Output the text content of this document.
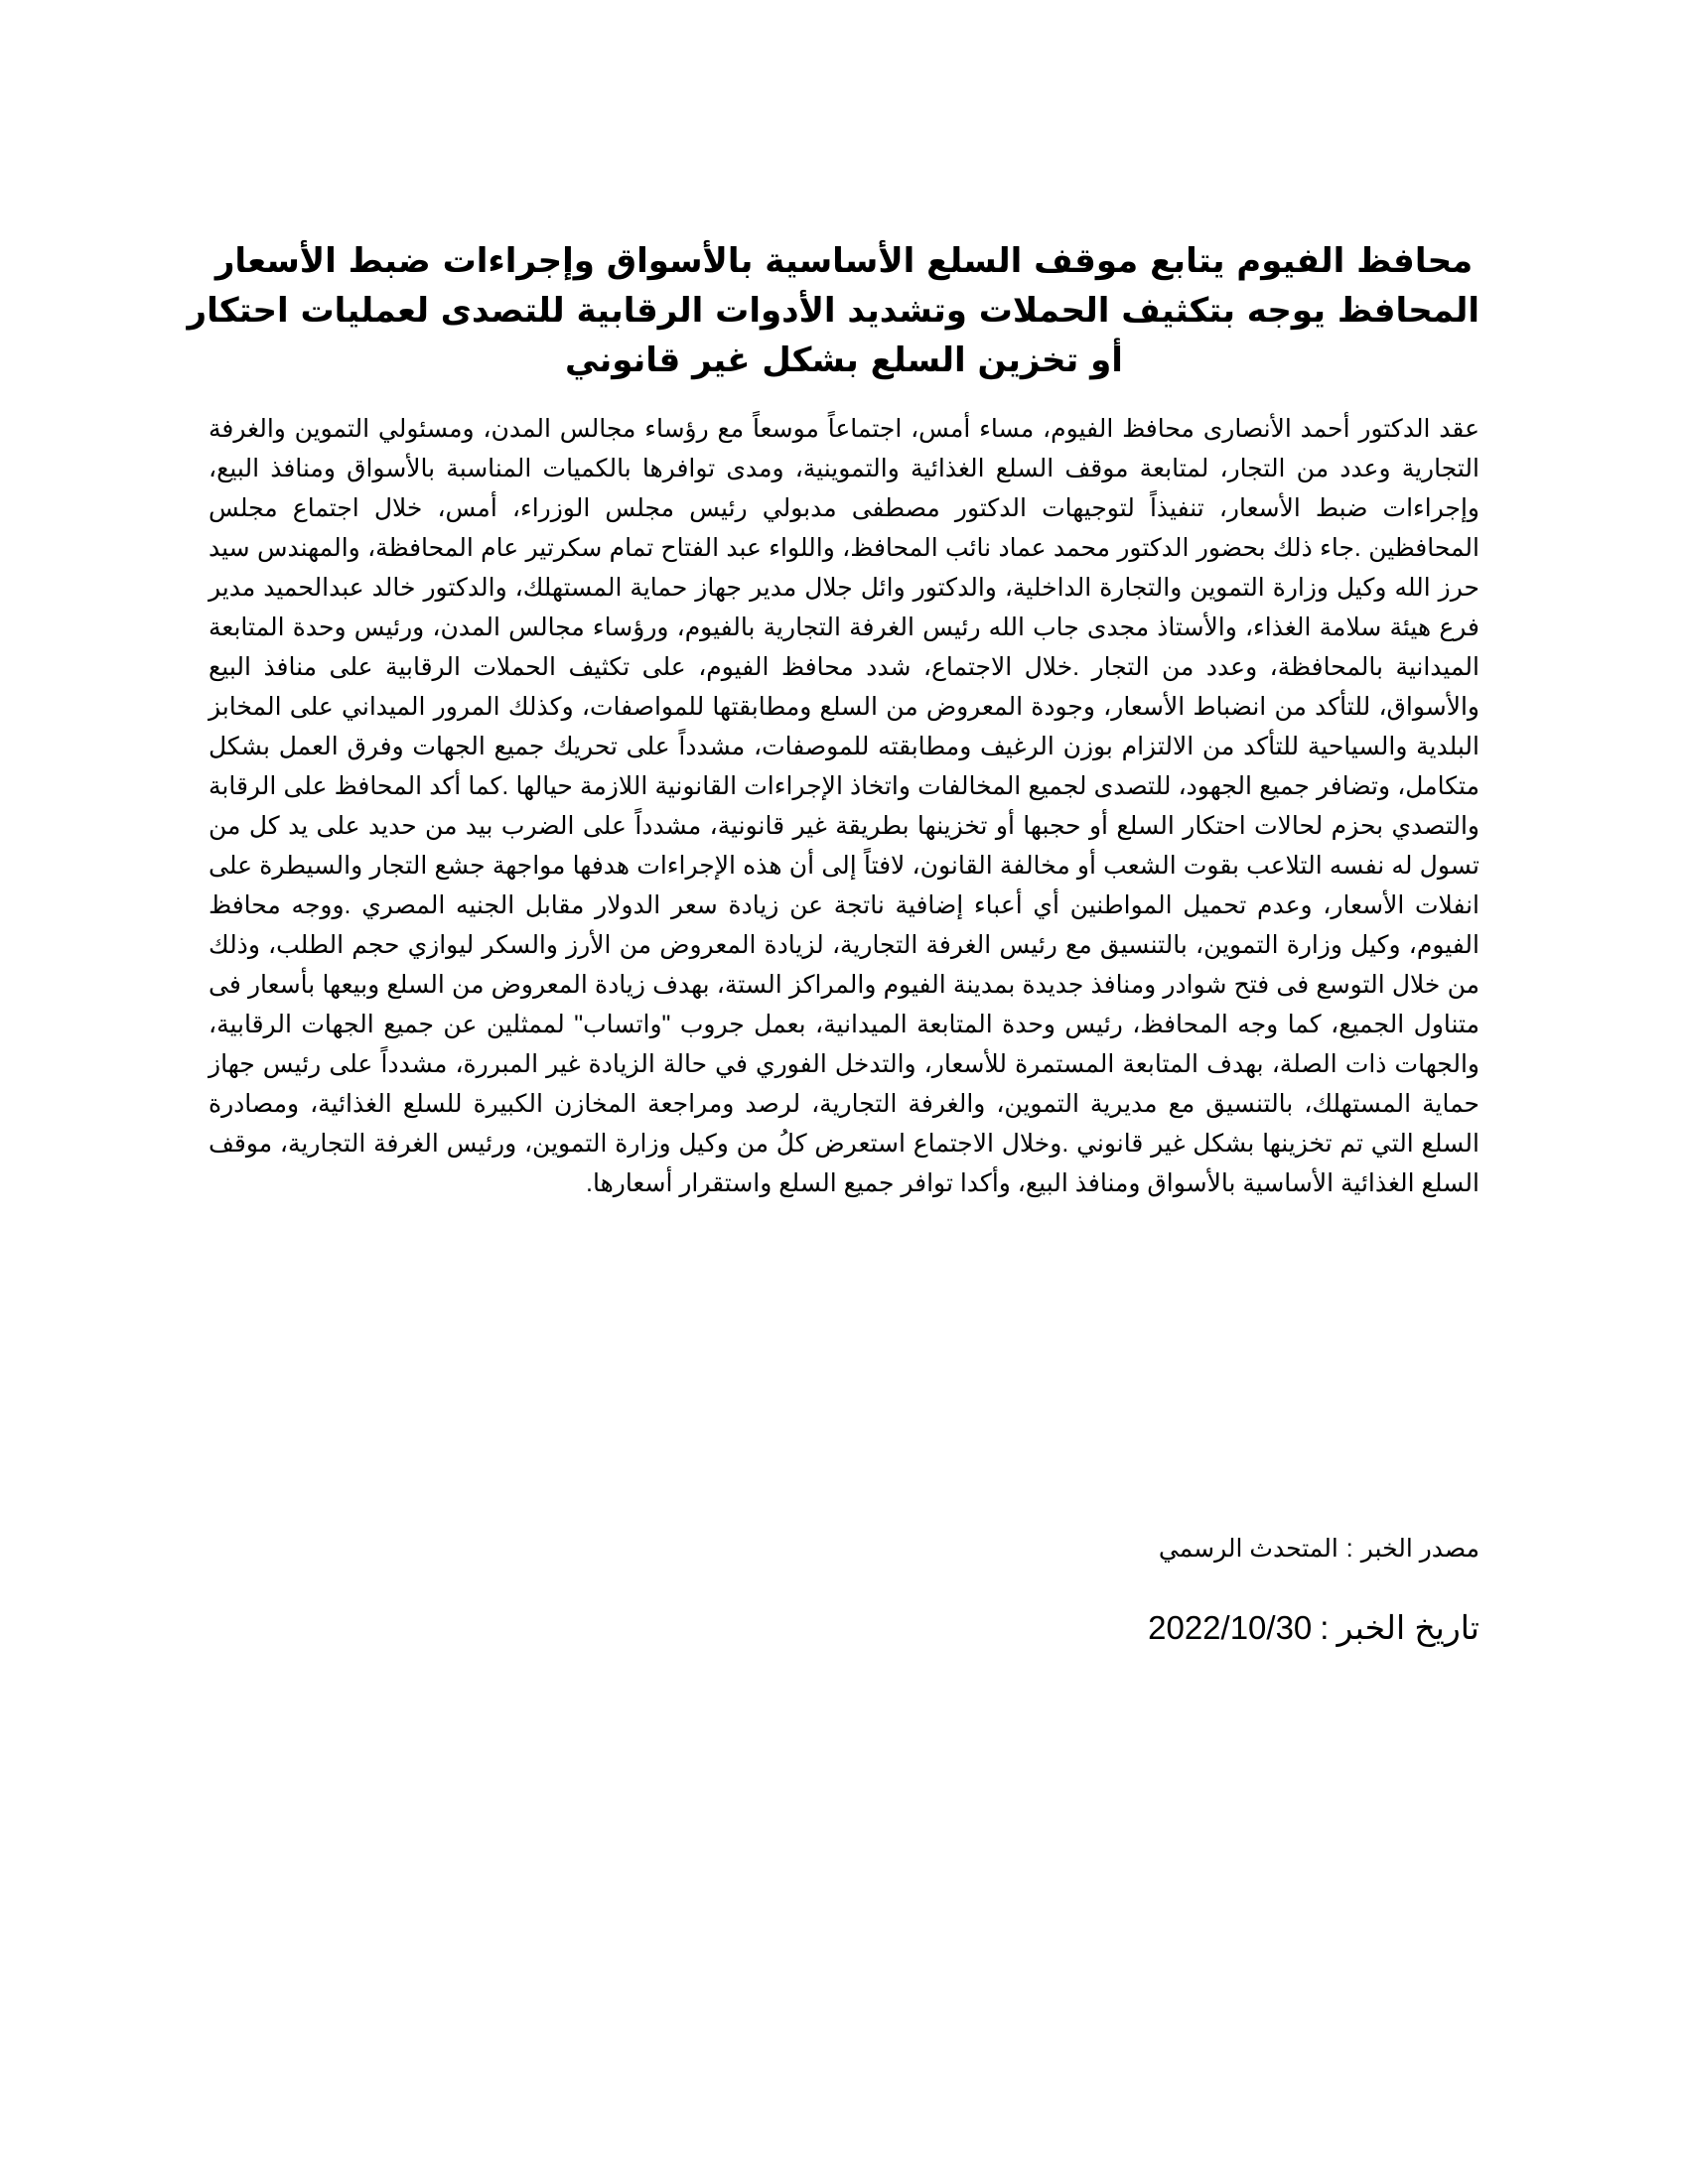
محافظ الفيوم يتابع موقف السلع الأساسية بالأسواق وإجراءات ضبط الأسعار

المحافظ يوجه بتكثيف الحملات وتشديد الأدوات الرقابية للتصدى لعمليات احتكار

أو تخزين السلع بشكل غير قانوني

عقد الدكتور أحمد الأنصارى محافظ الفيوم، مساء أمس، اجتماعاً موسعاً مع رؤساء مجالس المدن، ومسئولي التموين والغرفة التجارية وعدد من التجار، لمتابعة موقف السلع الغذائية والتموينية، ومدى توافرها بالكميات المناسبة بالأسواق ومنافذ البيع، وإجراءات ضبط الأسعار، تنفيذاً لتوجيهات الدكتور مصطفى مدبولي رئيس مجلس الوزراء، أمس، خلال اجتماع مجلس المحافظين .جاء ذلك بحضور الدكتور محمد عماد نائب المحافظ، واللواء عبد الفتاح تمام سكرتير عام المحافظة، والمهندس سيد حرز الله وكيل وزارة التموين والتجارة الداخلية، والدكتور وائل جلال مدير جهاز حماية المستهلك، والدكتور خالد عبدالحميد مدير فرع هيئة سلامة الغذاء، والأستاذ مجدى جاب الله رئيس الغرفة التجارية بالفيوم، ورؤساء مجالس المدن، ورئيس وحدة المتابعة الميدانية بالمحافظة، وعدد من التجار .خلال الاجتماع، شدد محافظ الفيوم، على تكثيف الحملات الرقابية على منافذ البيع والأسواق، للتأكد من انضباط الأسعار، وجودة المعروض من السلع ومطابقتها للمواصفات، وكذلك المرور الميداني على المخابز البلدية والسياحية للتأكد من الالتزام بوزن الرغيف ومطابقته للموصفات، مشدداً على تحريك جميع الجهات وفرق العمل بشكل متكامل، وتضافر جميع الجهود، للتصدى لجميع المخالفات واتخاذ الإجراءات القانونية اللازمة حيالها .كما أكد المحافظ على الرقابة والتصدي بحزم لحالات احتكار السلع أو حجبها أو تخزينها بطريقة غير قانونية، مشدداً على الضرب بيد من حديد على يد كل من تسول له نفسه التلاعب بقوت الشعب أو مخالفة القانون، لافتاً إلى أن هذه الإجراءات هدفها مواجهة جشع التجار والسيطرة على انفلات الأسعار، وعدم تحميل المواطنين أي أعباء إضافية ناتجة عن زيادة سعر الدولار مقابل الجنيه المصري .ووجه محافظ الفيوم، وكيل وزارة التموين، بالتنسيق مع رئيس الغرفة التجارية، لزيادة المعروض من الأرز والسكر ليوازي حجم الطلب، وذلك من خلال التوسع فى فتح شوادر ومنافذ جديدة بمدينة الفيوم والمراكز الستة، بهدف زيادة المعروض من السلع وبيعها بأسعار فى متناول الجميع، كما وجه المحافظ، رئيس وحدة المتابعة الميدانية، بعمل جروب "واتساب" لممثلين عن جميع الجهات الرقابية، والجهات ذات الصلة، بهدف المتابعة المستمرة للأسعار، والتدخل الفوري في حالة الزيادة غير المبررة، مشدداً على رئيس جهاز حماية المستهلك، بالتنسيق مع مديرية التموين، والغرفة التجارية، لرصد ومراجعة المخازن الكبيرة للسلع الغذائية، ومصادرة السلع التي تم تخزينها بشكل غير قانوني .وخلال الاجتماع استعرض كلُ من وكيل وزارة التموين، ورئيس الغرفة التجارية، موقف السلع الغذائية الأساسية بالأسواق ومنافذ البيع، وأكدا توافر جميع السلع واستقرار أسعارها.

مصدر الخبر:المتحدث الرسمي
تاريخ الخبر:2022/10/30
